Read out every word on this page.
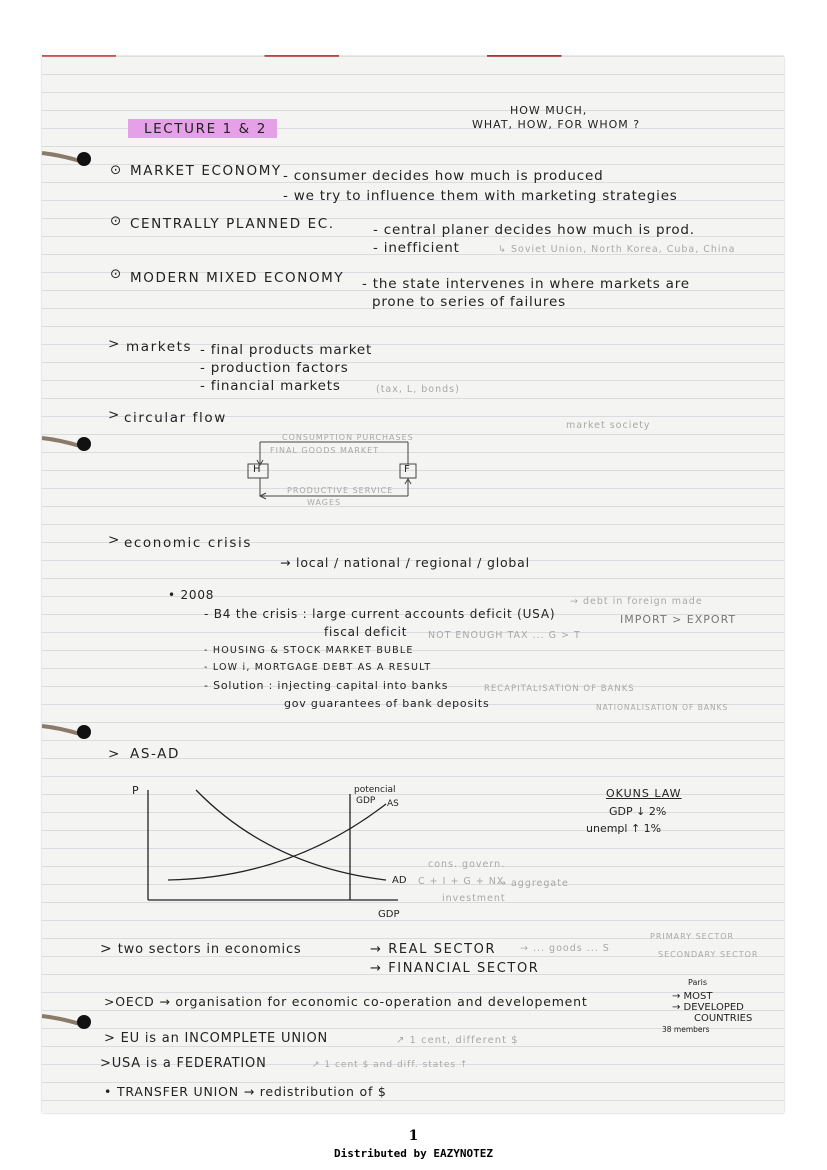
LECTURE 1 & 2
HOW MUCH,
WHAT, HOW, FOR WHOM ?
⊙ MARKET ECONOMY - consumer decides how much is produced
- we try to influence them with marketing strategies
⊙ CENTRALLY PLANNED EC.	- central planer decides how much is prod.
- inefficient	↳ Soviet Union, North Korea, Cuba, China
⊙ MODERN MIXED ECONOMY - the state intervenes in where markets are
prone to series of failures
> markets - final products market
- production factors
- financial markets	(tax, L, bonds)
> circular flow	market society
CONSUMPTION PURCHASES
FINAL GOODS MARKET
H	F
PRODUCTIVE SERVICE
WAGES
> economic crisis
→ local / national / regional / global
• 2008	→ debt in foreign made
- B4 the crisis : large current accounts deficit (USA)	IMPORT > EXPORT
fiscal deficit NOT ENOUGH TAX ... G > T
- HOUSING & STOCK MARKET BUBLE
- LOW i, MORTGAGE DEBT AS A RESULT
- Solution : injecting capital into banks	RECAPITALISATION OF BANKS
gov guarantees of bank deposits	NATIONALISATION OF BANKS
> AS-AD
P
GDP
potencial
GDP AS
AD C + I + G + NX
→ aggregate
cons. govern.
investment
OKUNS LAW
GDP ↓ 2%
unempl ↑ 1%
> two sectors in economics	→ REAL SECTOR
→ FINANCIAL SECTOR
→ ... goods ... S
PRIMARY SECTOR
SECONDARY SECTOR
>OECD → organisation for economic co-operation and developement
Paris
→ MOST
→ DEVELOPED
COUNTRIES
38 members
> EU is an INCOMPLETE UNION	↗ 1 cent, different $
>USA is a FEDERATION	↗ 1 cent $ and diff. states ↑
• TRANSFER UNION → redistribution of $
1
Distributed by EAZYNOTEZ
